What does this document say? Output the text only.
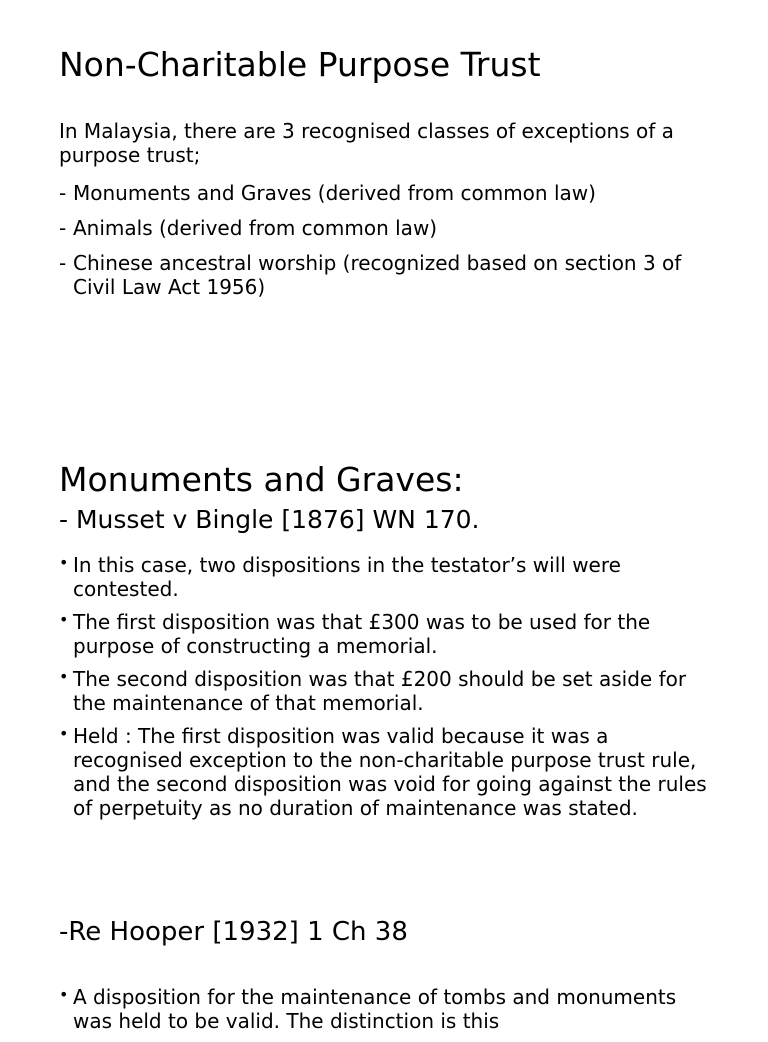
Non-Charitable Purpose Trust

In Malaysia, there are 3 recognised classes of exceptions of a purpose trust;

- Monuments and Graves (derived from common law)
- Animals (derived from common law)
- Chinese ancestral worship (recognized based on section 3 of Civil Law Act 1956)
Monuments and Graves:
- Musset v Bingle [1876] WN 170.
• In this case, two dispositions in the testator’s will were contested.
• The first disposition was that £300 was to be used for the purpose of constructing a memorial.
• The second disposition was that £200 should be set aside for the maintenance of that memorial.
• Held : The first disposition was valid because it was a recognised exception to the non-charitable purpose trust rule, and the second disposition was void for going against the rules of perpetuity as no duration of maintenance was stated.
-Re Hooper [1932] 1 Ch 38
• A disposition for the maintenance of tombs and monuments was held to be valid. The distinction is this
